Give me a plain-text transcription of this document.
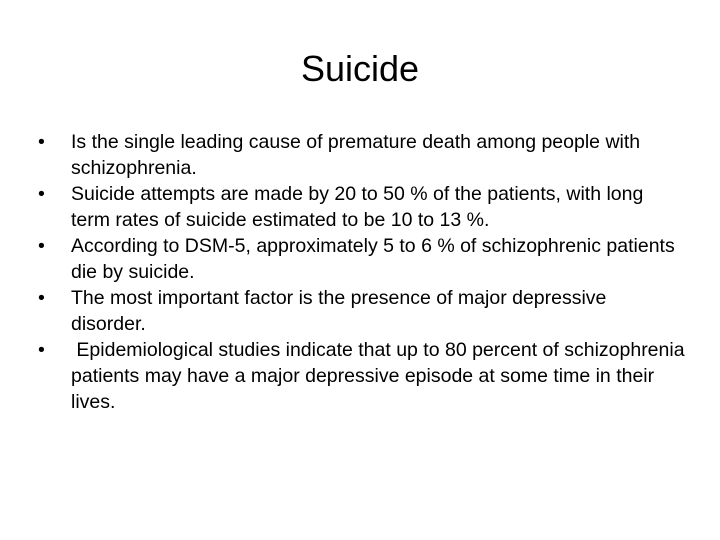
Suicide
• Is the single leading cause of premature death among people with schizophrenia.
• Suicide attempts are made by 20 to 50 % of the patients, with long term rates of suicide estimated to be 10 to 13 %.
• According to DSM-5, approximately 5 to 6 % of schizophrenic patients die by suicide.
• The most important factor is the presence of major depressive disorder.
• Epidemiological studies indicate that up to 80 percent of schizophrenia patients may have a major depressive episode at some time in their lives.
